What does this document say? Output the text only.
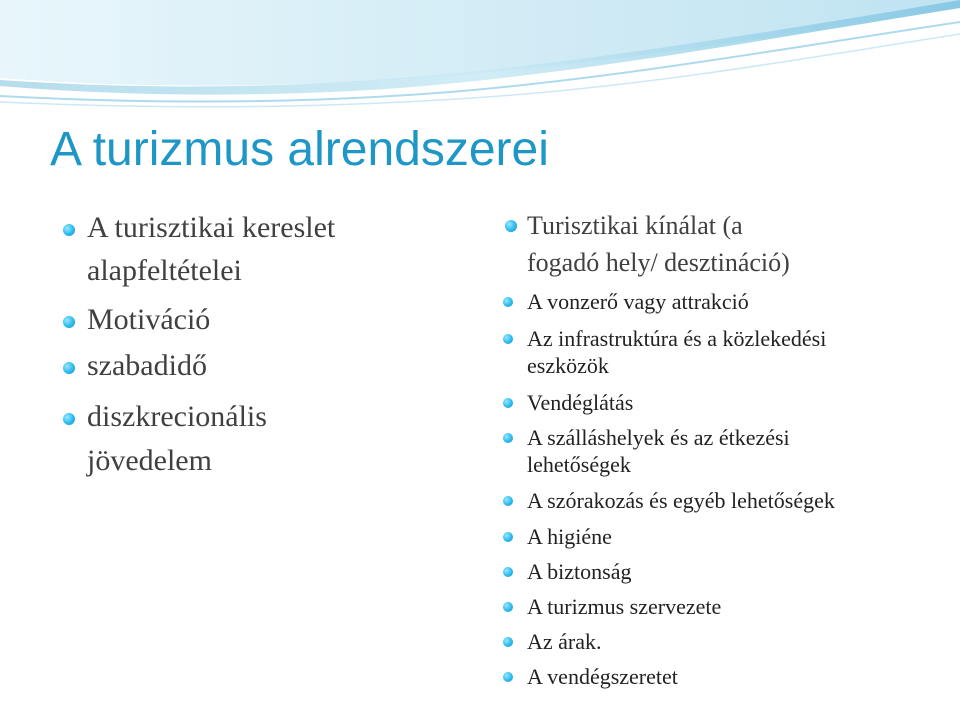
A turizmus alrendszerei
A turisztikai kereslet
alapfeltételei
Motiváció
szabadidő
diszkrecionális
jövedelem
Turisztikai kínálat (a
fogadó hely/ desztináció)
A vonzerő vagy attrakció
Az infrastruktúra és a közlekedési
eszközök
Vendéglátás
A szálláshelyek és az étkezési
lehetőségek
A szórakozás és egyéb lehetőségek
A higiéne
A biztonság
A turizmus szervezete
Az árak.
A vendégszeretet
